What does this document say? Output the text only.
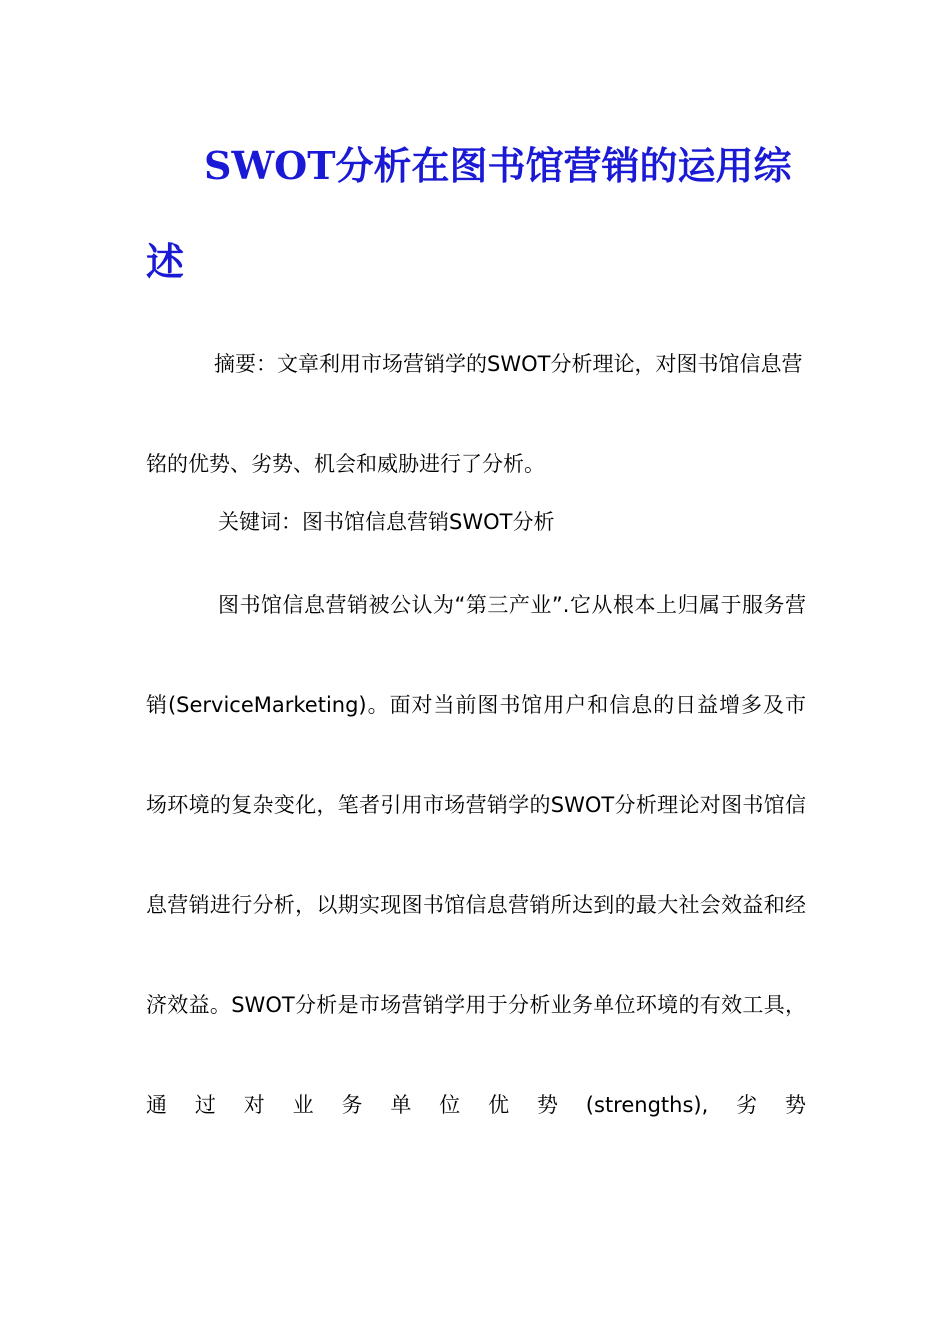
SWOT分析在图书馆营销的运用综述

摘要：文章利用市场营销学的SWOT分析理论，对图书馆信息营铭的优势、劣势、机会和威胁进行了分析。

关键词：图书馆信息营销SWOT分析

图书馆信息营销被公认为“第三产业”.它从根本上归属于服务营销(ServiceMarketing)。面对当前图书馆用户和信息的日益增多及市场环境的复杂变化，笔者引用市场营销学的SWOT分析理论对图书馆信息营销进行分析，以期实现图书馆信息营销所达到的最大社会效益和经济效益。SWOT分析是市场营销学用于分析业务单位环境的有效工具，通过对业务单位优势(strengths),劣势
